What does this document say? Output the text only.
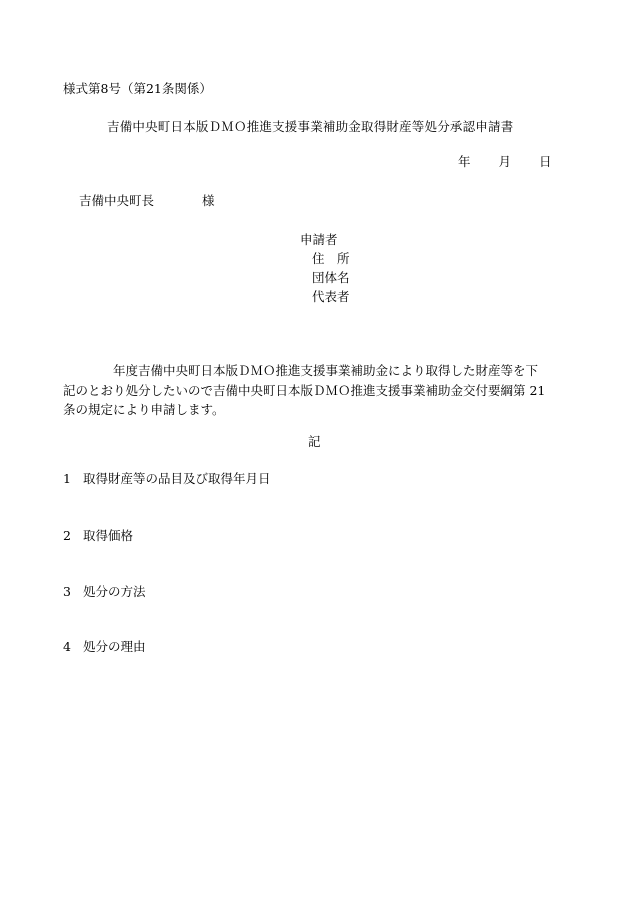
様式第8号（第21条関係）
吉備中央町日本版ＤＭＯ推進支援事業補助金取得財産等処分承認申請書
年 月 日
吉備中央町長	様
申請者
住　所
団体名
代表者
年度吉備中央町日本版ＤＭＯ推進支援事業補助金により取得した財産等を下
記のとおり処分したいので吉備中央町日本版ＤＭＯ推進支援事業補助金交付要綱第 21
条の規定により申請します。
記
1 取得財産等の品目及び取得年月日
2 取得価格
3 処分の方法
4 処分の理由
